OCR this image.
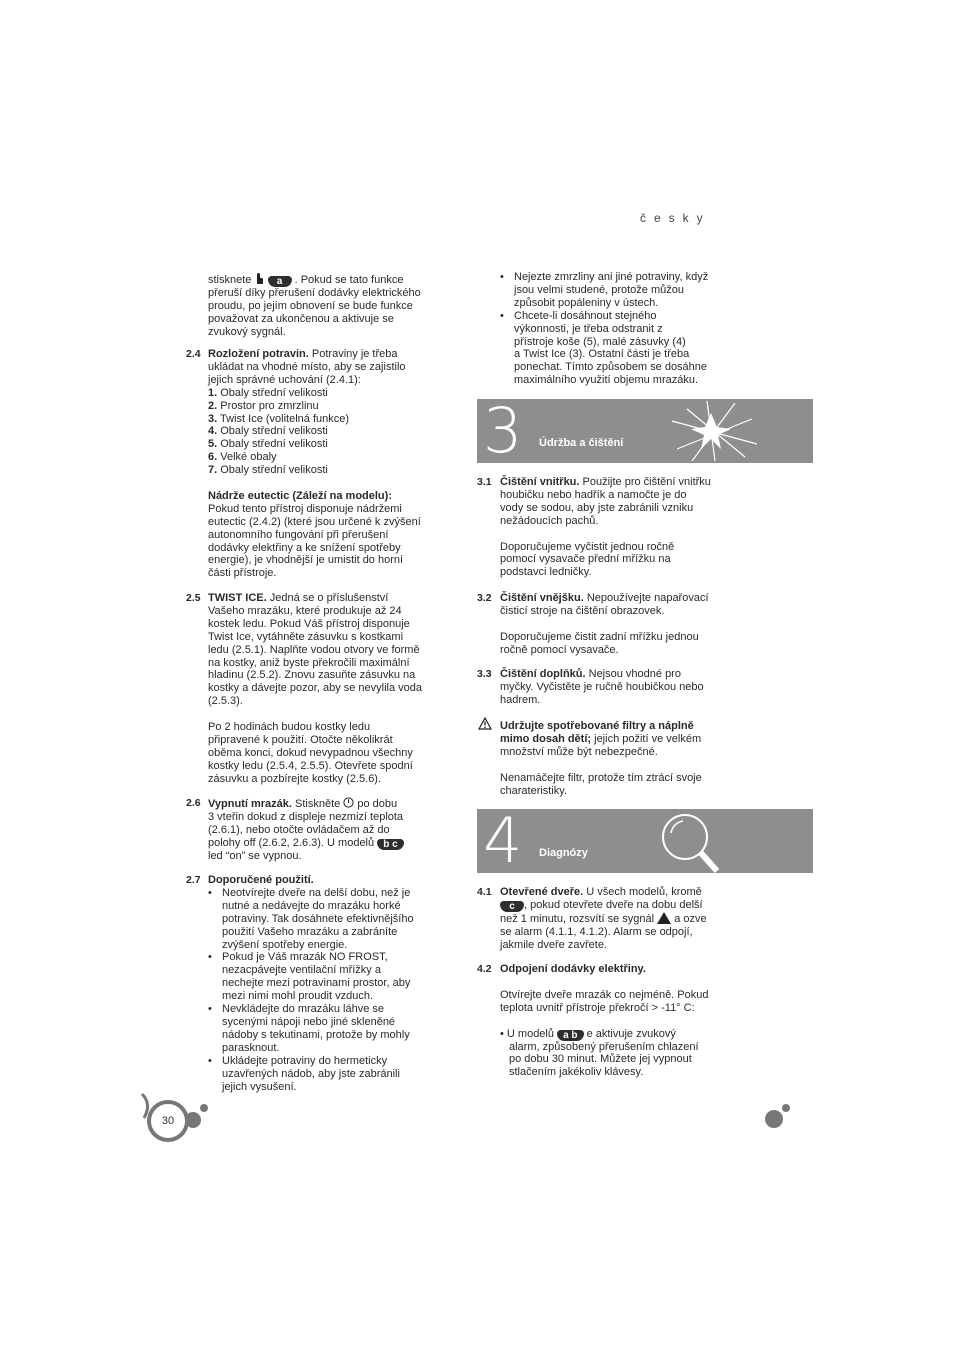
česky

stisknete	a . Pokud se tato funkce

přeruší díky přerušení dodávky elektrického

proudu, po jejím obnovení se bude funkce

považovat za ukončenou a aktivuje se

zvukový sygnál.

2.4 Rozložení potravin. Potraviny je třeba

ukládat na vhodné místo, aby se zajistilo

jejich správné uchování (2.4.1):

1. Obaly střední velikosti

2. Prostor pro zmrzlinu

3. Twist Ice (volitelná funkce)

4. Obaly střední velikosti

5. Obaly střední velikosti

6. Velké obaly

7. Obaly střední velikosti

Nádrže eutectic (Záleží na modelu):

Pokud tento přístroj disponuje nádržemi

eutectic (2.4.2) (které jsou určené k zvýšení

autonomního fungování při přerušení

dodávky elektřiny a ke snížení spotřeby

energie), je vhodnější je umistit do horní

části přístroje.

2.5 TWIST ICE. Jedná se o příslušenství

Vašeho mrazáku, které produkuje až 24

kostek ledu. Pokud Váš přístroj disponuje

Twist Ice, vytáhněte zásuvku s kostkami

ledu (2.5.1). Naplňte vodou otvory ve formě

na kostky, aniž byste překročili maximální

hladinu (2.5.2). Znovu zasuňte zásuvku na

kostky a dávejte pozor, aby se nevylila voda

(2.5.3).

Po 2 hodinách budou kostky ledu

připravené k použití. Otočte několikrát

oběma konci, dokud nevypadnou všechny

kostky ledu (2.5.4, 2.5.5). Otevřete spodní

zásuvku a pozbírejte kostky (2.5.6).

2.6 Vypnutí mrazák. Stiskněte po dobu

3 vteřin dokud z displeje nezmizí teplota

(2.6.1), nebo otočte ovládačem až do

polohy off (2.6.2, 2.6.3). U modelů b c

led “on” se vypnou.

2.7 Doporučené použití.

• Neotvírejte dveře na delší dobu, než je

nutné a nedávejte do mrazáku horké

potraviny. Tak dosáhnete efektivnějšího

použití Vašeho mrazáku a zabráníte

zvýšení spotřeby energie.

• Pokud je Váš mrazák NO FROST,

nezacpávejte ventilační mřížky a

nechejte mezi potravinami prostor, aby

mezi nimi mohl proudit vzduch.

• Nevkládejte do mrazáku láhve se

sycenými nápoji nebo jiné skleněné

nádoby s tekutinami, protože by mohly

parasknout.

• Ukládejte potraviny do hermeticky

uzavřených nádob, aby jste zabránili

jejich vysušení.

• Nejezte zmrzliny ani jiné potraviny, když

jsou velmi studené, protože můžou

způsobit popáleniny v ústech.

• Chcete-li dosáhnout stejného

výkonnosti, je třeba odstranit z

přístroje koše (5), malé zásuvky (4)

a Twist Ice (3). Ostatní části je třeba

ponechat. Tímto způsobem se dosáhne

maximálního využití objemu mrazáku.

3 Údržba a čištění
3.1 Čištění vnitřku. Použijte pro čištění vnitřku

houbičku nebo hadřík a namočte je do

vody se sodou, aby jste zabránili vzniku

nežádoucích pachů.

Doporučujeme vyčistit jednou ročně

pomocí vysavače přední mřížku na

podstavci ledničky.

3.2 Čištění vnějšku. Nepoužívejte napařovací

čisticí stroje na čištění obrazovek.

Doporučujeme čistit zadní mřížku jednou

ročně pomocí vysavače.

3.3 Čištění doplňků. Nejsou vhodné pro

myčky. Vyčistěte je ručně houbičkou nebo

hadrem.

Udržujte spotřebované filtry a náplně

mimo dosah dětí; jejich požití ve velkém

množství může být nebezpečné.

Nenamáčejte filtr, protože tím ztrácí svoje

charateristiky.

4 Diagnózy
4.1 Otevřené dveře. U všech modelů, kromě

c , pokud otevřete dveře na dobu delší

než 1 minutu, rozsvítí se sygnál a ozve

se alarm (4.1.1, 4.1.2). Alarm se odpojí,

jakmile dveře zavřete.

4.2 Odpojení dodávky elektřiny.

Otvírejte dveře mrazák co nejméně. Pokud

teplota uvnitř přístroje překročí > -11° C:

• U modelů a b e aktivuje zvukový

alarm, způsobený přerušením chlazení

po dobu 30 minut. Můžete jej vypnout

stlačením jakékoliv klávesy.

30
